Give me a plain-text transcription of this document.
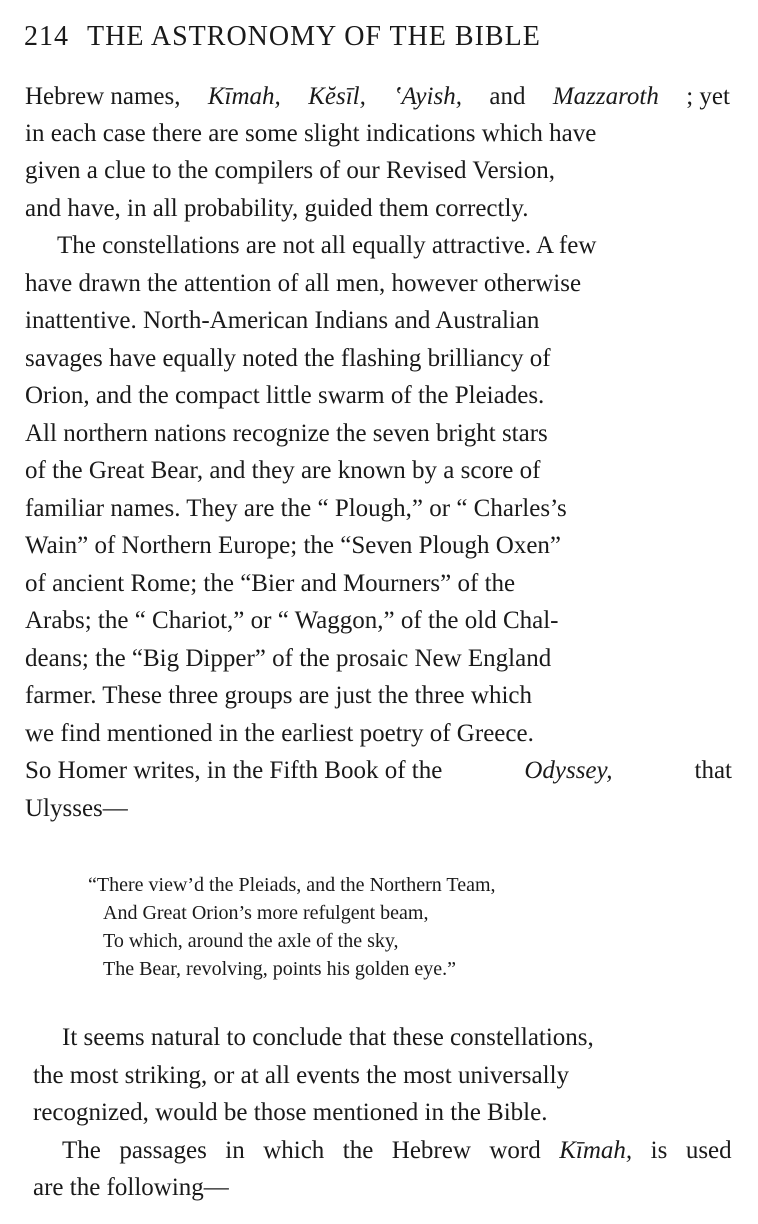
214 THE ASTRONOMY OF THE BIBLE
Hebrew names, Kīmah, Kĕsīl, ʽAyish, and Mazzaroth ; yet
in each case there are some slight indications which have
given a clue to the compilers of our Revised Version,
and have, in all probability, guided them correctly.
The constellations are not all equally attractive. A few
have drawn the attention of all men, however otherwise
inattentive. North-American Indians and Australian
savages have equally noted the flashing brilliancy of
Orion, and the compact little swarm of the Pleiades.
All northern nations recognize the seven bright stars
of the Great Bear, and they are known by a score of
familiar names. They are the “ Plough,” or “ Charles’s
Wain” of Northern Europe; the “Seven Plough Oxen”
of ancient Rome; the “Bier and Mourners” of the
Arabs; the “ Chariot,” or “ Waggon,” of the old Chal-
deans; the “Big Dipper” of the prosaic New England
farmer. These three groups are just the three which
we find mentioned in the earliest poetry of Greece.
So Homer writes, in the Fifth Book of the	Odyssey,	that
Ulysses—
“There view’d the Pleiads, and the Northern Team,
And Great Orion’s more refulgent beam,
To which, around the axle of the sky,
The Bear, revolving, points his golden eye.”
It seems natural to conclude that these constellations,
the most striking, or at all events the most universally
recognized, would be those mentioned in the Bible.
The passages in which the Hebrew word Kīmah, is used
are the following—
